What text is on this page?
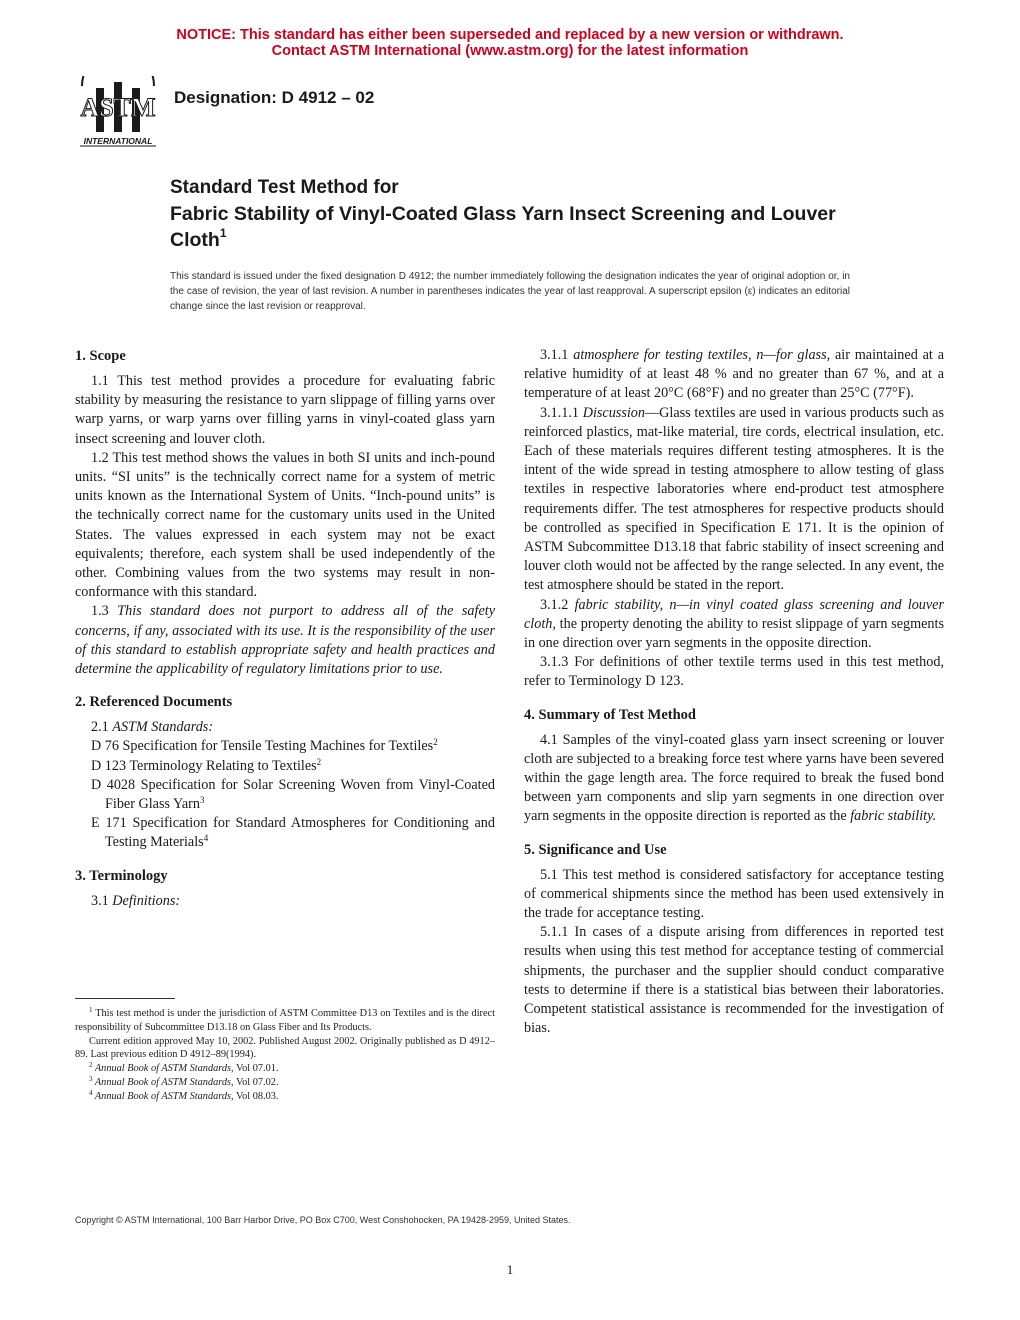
NOTICE: This standard has either been superseded and replaced by a new version or withdrawn.
Contact ASTM International (www.astm.org) for the latest information
ASTM
INTERNATIONAL
Designation: D 4912 – 02
Standard Test Method for
Fabric Stability of Vinyl-Coated Glass Yarn Insect Screening and Louver Cloth$^1$
This standard is issued under the fixed designation D 4912; the number immediately following the designation indicates the year of original adoption or, in the case of revision, the year of last revision. A number in parentheses indicates the year of last reapproval. A superscript epsilon (ε) indicates an editorial change since the last revision or reapproval.
1. Scope

1.1 This test method provides a procedure for evaluating fabric stability by measuring the resistance to yarn slippage of filling yarns over warp yarns, or warp yarns over filling yarns in vinyl-coated glass yarn insect screening and louver cloth.

1.2 This test method shows the values in both SI units and inch-pound units. “SI units” is the technically correct name for a system of metric units known as the International System of Units. “Inch-pound units” is the technically correct name for the customary units used in the United States. The values expressed in each system may not be exact equivalents; therefore, each system shall be used independently of the other. Combining values from the two systems may result in non-conformance with this standard.

1.3 This standard does not purport to address all of the safety concerns, if any, associated with its use. It is the responsibility of the user of this standard to establish appropriate safety and health practices and determine the applicability of regulatory limitations prior to use.

2. Referenced Documents

2.1 ASTM Standards:

D 76 Specification for Tensile Testing Machines for Textiles$^2$

D 123 Terminology Relating to Textiles$^2$

D 4028 Specification for Solar Screening Woven from Vinyl-Coated Fiber Glass Yarn$^3$

E 171 Specification for Standard Atmospheres for Conditioning and Testing Materials$^4$

3. Terminology

3.1 Definitions:

3.1.1 atmosphere for testing textiles, n—for glass, air maintained at a relative humidity of at least 48 % and no greater than 67 %, and at a temperature of at least 20°C (68°F) and no greater than 25°C (77°F).

3.1.1.1 Discussion—Glass textiles are used in various products such as reinforced plastics, mat-like material, tire cords, electrical insulation, etc. Each of these materials requires different testing atmospheres. It is the intent of the wide spread in testing atmosphere to allow testing of glass textiles in respective laboratories where end-product test atmosphere requirements differ. The test atmospheres for respective products should be controlled as specified in Specification E 171. It is the opinion of ASTM Subcommittee D13.18 that fabric stability of insect screening and louver cloth would not be affected by the range selected. In any event, the test atmosphere should be stated in the report.

3.1.2 fabric stability, n—in vinyl coated glass screening and louver cloth, the property denoting the ability to resist slippage of yarn segments in one direction over yarn segments in the opposite direction.

3.1.3 For definitions of other textile terms used in this test method, refer to Terminology D 123.

4. Summary of Test Method

4.1 Samples of the vinyl-coated glass yarn insect screening or louver cloth are subjected to a breaking force test where yarns have been severed within the gage length area. The force required to break the fused bond between yarn components and slip yarn segments in one direction over yarn segments in the opposite direction is reported as the fabric stability.

5. Significance and Use

5.1 This test method is considered satisfactory for acceptance testing of commerical shipments since the method has been used extensively in the trade for acceptance testing.

5.1.1 In cases of a dispute arising from differences in reported test results when using this test method for acceptance testing of commercial shipments, the purchaser and the supplier should conduct comparative tests to determine if there is a statistical bias between their laboratories. Competent statistical assistance is recommended for the investigation of bias.

$^1$ This test method is under the jurisdiction of ASTM Committee D13 on Textiles and is the direct responsibility of Subcommittee D13.18 on Glass Fiber and Its Products.

Current edition approved May 10, 2002. Published August 2002. Originally published as D 4912–89. Last previous edition D 4912–89(1994).

$^2$ Annual Book of ASTM Standards, Vol 07.01.

$^3$ Annual Book of ASTM Standards, Vol 07.02.

$^4$ Annual Book of ASTM Standards, Vol 08.03.

Copyright © ASTM International, 100 Barr Harbor Drive, PO Box C700, West Conshohocken, PA 19428-2959, United States.
1
